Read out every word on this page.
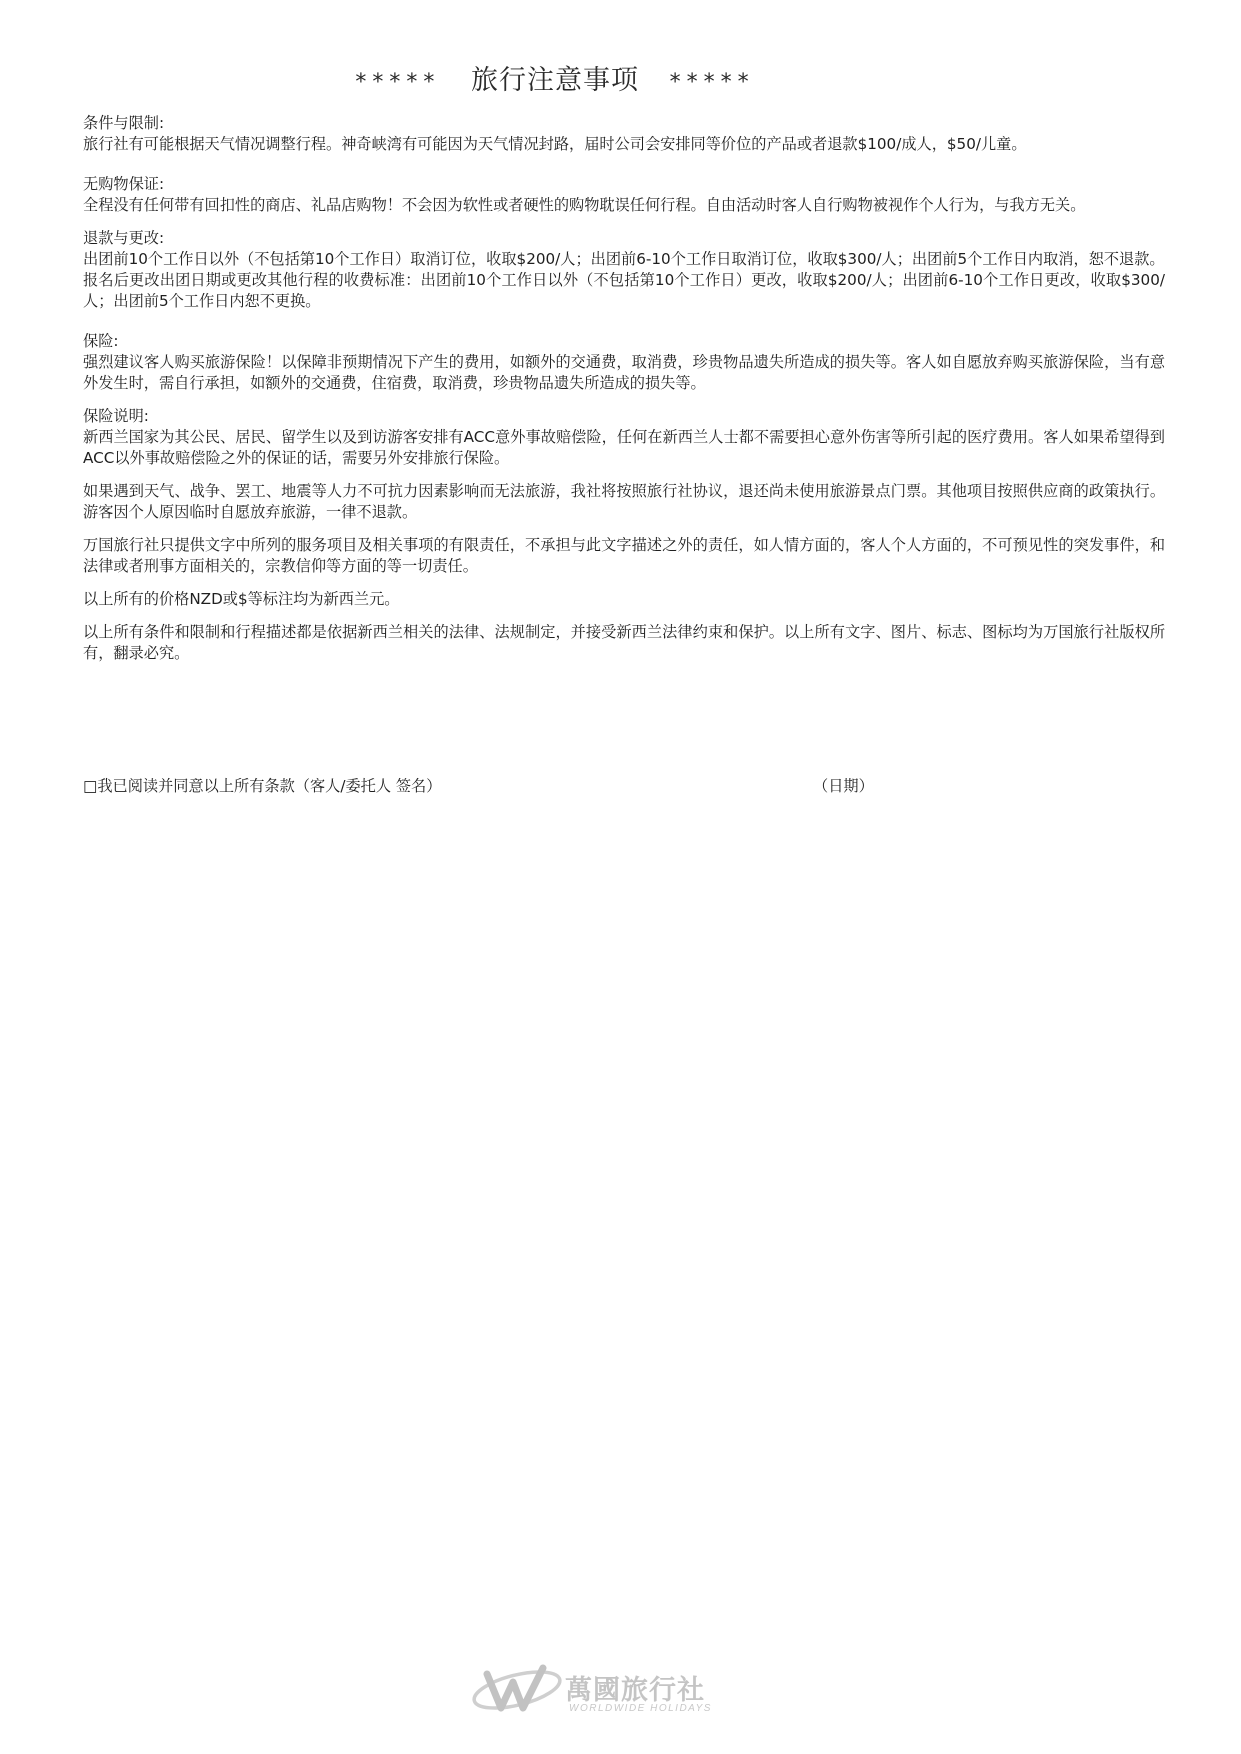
***** 旅行注意事项 *****

条件与限制:

旅行社有可能根据天气情况调整行程。神奇峡湾有可能因为天气情况封路，届时公司会安排同等价位的产品或者退款$100/成人，$50/儿童。

无购物保证:

全程没有任何带有回扣性的商店、礼品店购物！不会因为软性或者硬性的购物耽误任何行程。自由活动时客人自行购物被视作个人行为，与我方无关。

退款与更改:

出团前10个工作日以外（不包括第10个工作日）取消订位，收取$200/人；出团前6-10个工作日取消订位，收取$300/人；出团前5个工作日内取消，恕不退款。

报名后更改出团日期或更改其他行程的收费标准：出团前10个工作日以外（不包括第10个工作日）更改，收取$200/人；出团前6-10个工作日更改，收取$300/人；出团前5个工作日内恕不更换。

保险:

强烈建议客人购买旅游保险！以保障非预期情况下产生的费用，如额外的交通费，取消费，珍贵物品遗失所造成的损失等。客人如自愿放弃购买旅游保险，当有意外发生时，需自行承担，如额外的交通费，住宿费，取消费，珍贵物品遗失所造成的损失等。

保险说明:

新西兰国家为其公民、居民、留学生以及到访游客安排有ACC意外事故赔偿险，任何在新西兰人士都不需要担心意外伤害等所引起的医疗费用。客人如果希望得到ACC以外事故赔偿险之外的保证的话，需要另外安排旅行保险。

如果遇到天气、战争、罢工、地震等人力不可抗力因素影响而无法旅游，我社将按照旅行社协议，退还尚未使用旅游景点门票。其他项目按照供应商的政策执行。游客因个人原因临时自愿放弃旅游，一律不退款。

万国旅行社只提供文字中所列的服务项目及相关事项的有限责任，不承担与此文字描述之外的责任，如人情方面的，客人个人方面的，不可预见性的突发事件，和法律或者刑事方面相关的，宗教信仰等方面的等一切责任。

以上所有的价格NZD或$等标注均为新西兰元。

以上所有条件和限制和行程描述都是依据新西兰相关的法律、法规制定，并接受新西兰法律约束和保护。以上所有文字、图片、标志、图标均为万国旅行社版权所有，翻录必究。

□我已阅读并同意以上所有条款（客人/委托人 签名）	（日期）
萬國旅行社
WORLDWIDE HOLIDAYS
